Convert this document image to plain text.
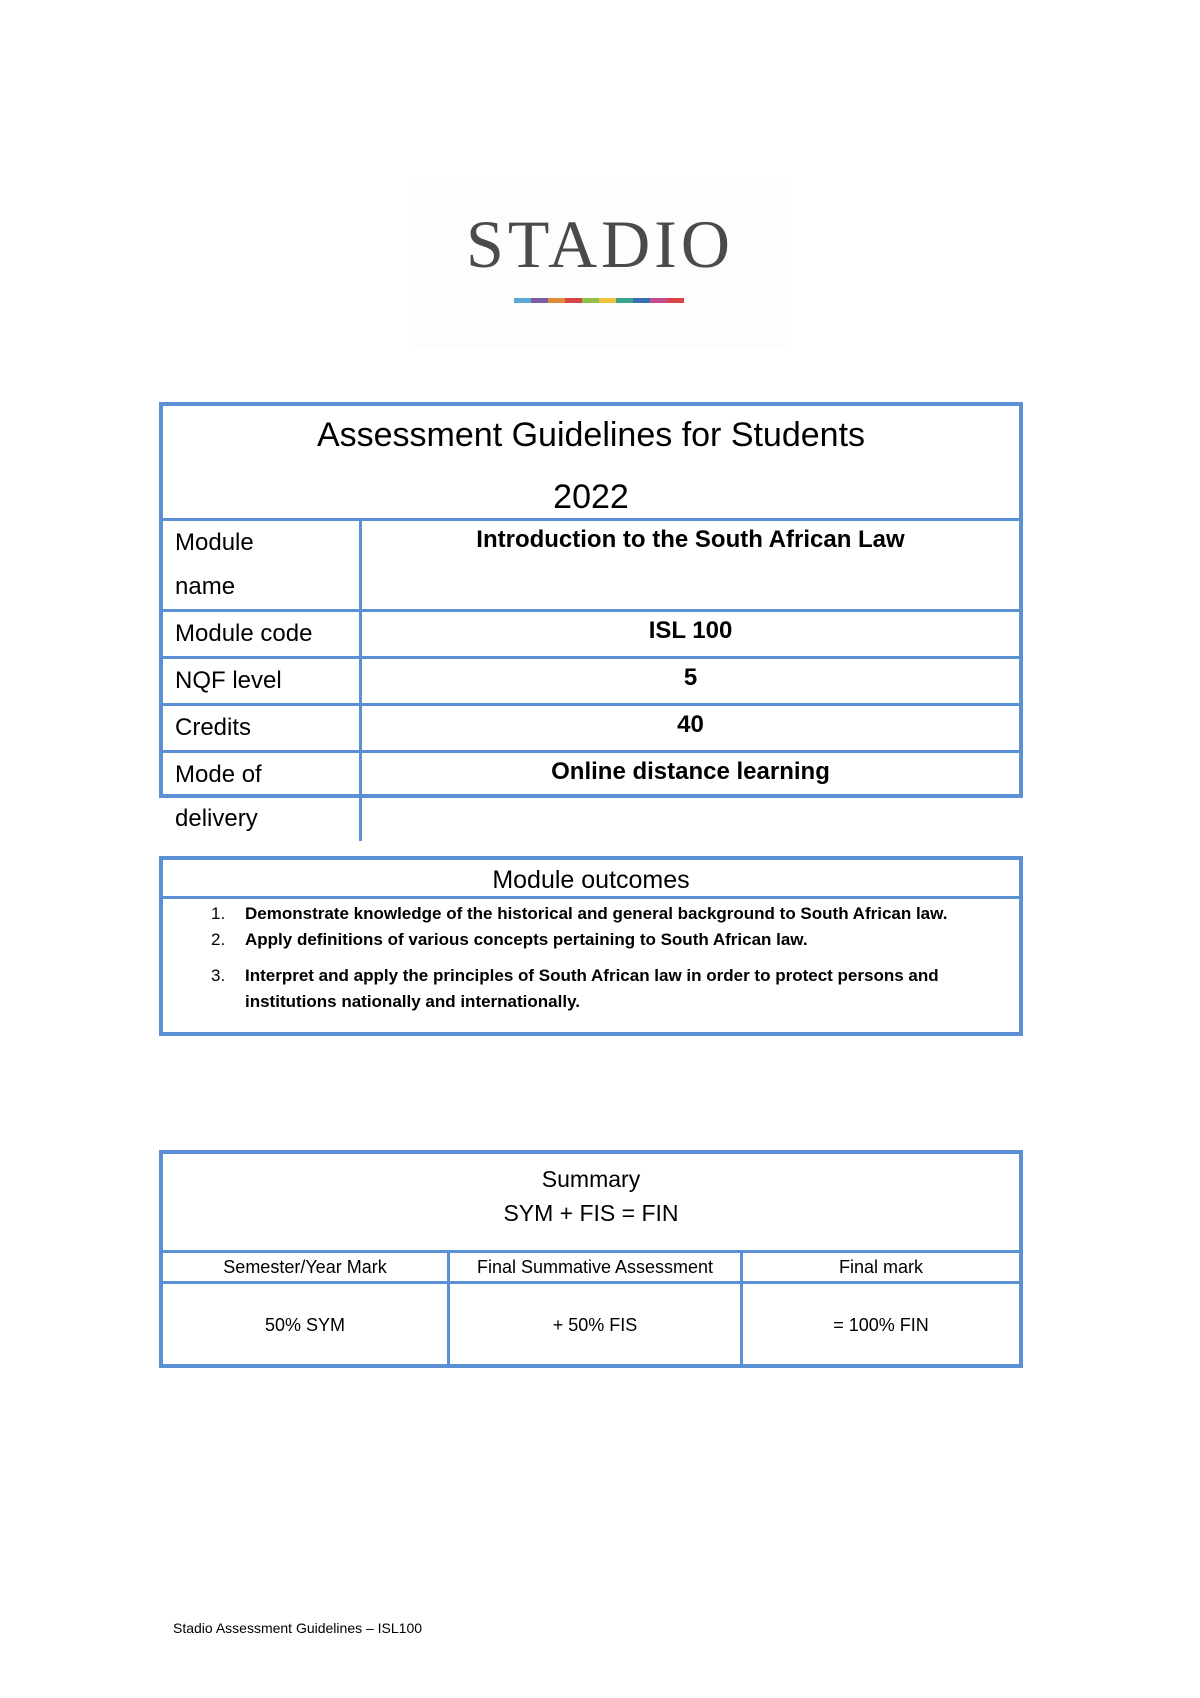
STADIO
Assessment Guidelines for Students
2022
Module
name	Introduction to the South African Law
Module code	ISL 100
NQF level	5
Credits	40

Mode of
delivery	Online distance learning
Module outcomes
1. Demonstrate knowledge of the historical and general background to South African law.
2. Apply definitions of various concepts pertaining to South African law.
3. Interpret and apply the principles of South African law in order to protect persons and institutions nationally and internationally.
Summary
SYM + FIS = FIN
Semester/Year Mark	Final Summative Assessment	Final mark
50% SYM	+ 50% FIS	= 100% FIN
Stadio Assessment Guidelines – ISL100
